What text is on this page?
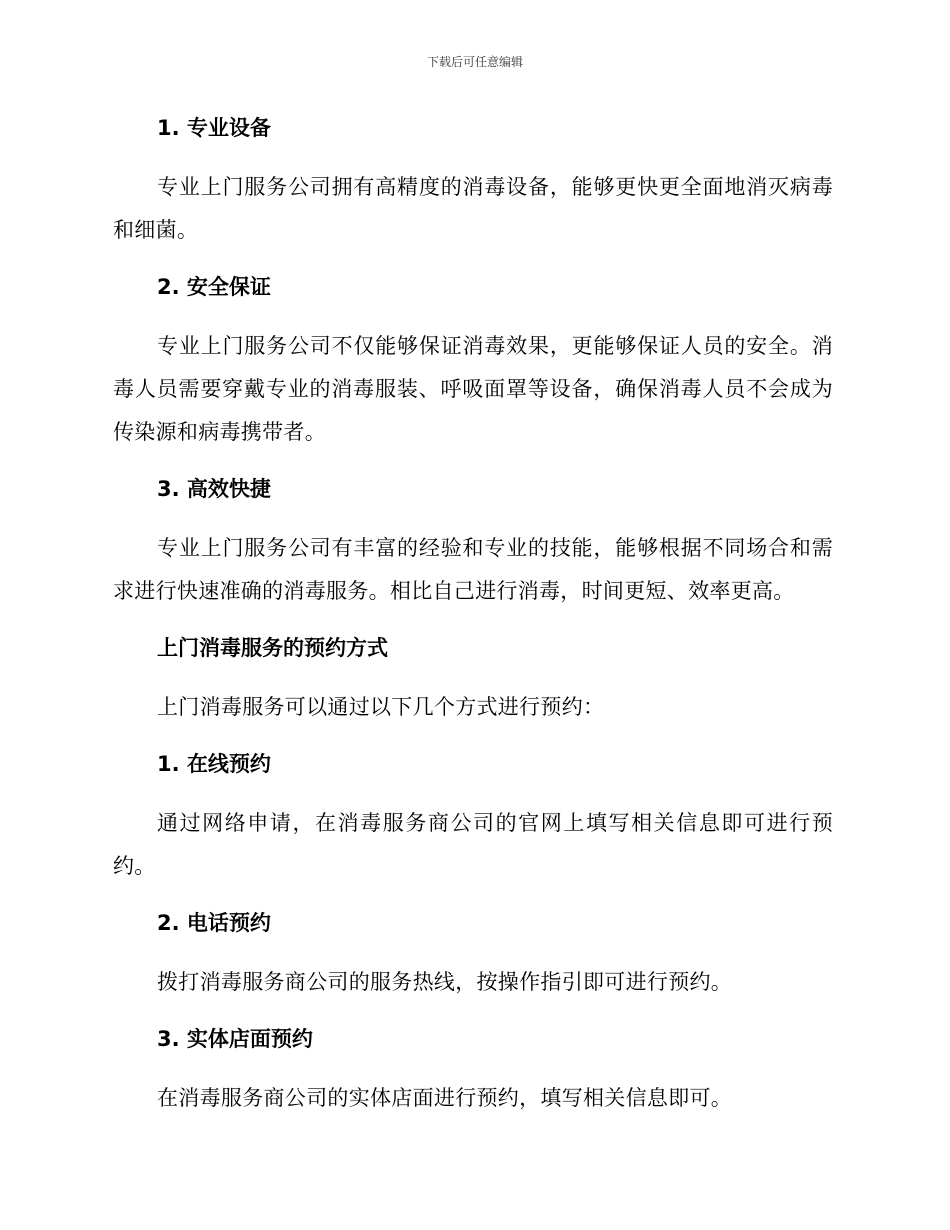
下载后可任意编辑
1. 专业设备
专业上门服务公司拥有高精度的消毒设备，能够更快更全面地消灭病毒和细菌。
2. 安全保证
专业上门服务公司不仅能够保证消毒效果，更能够保证人员的安全。消毒人员需要穿戴专业的消毒服装、呼吸面罩等设备，确保消毒人员不会成为传染源和病毒携带者。
3. 高效快捷
专业上门服务公司有丰富的经验和专业的技能，能够根据不同场合和需求进行快速准确的消毒服务。相比自己进行消毒，时间更短、效率更高。
上门消毒服务的预约方式
上门消毒服务可以通过以下几个方式进行预约：
1. 在线预约
通过网络申请，在消毒服务商公司的官网上填写相关信息即可进行预约。
2. 电话预约
拨打消毒服务商公司的服务热线，按操作指引即可进行预约。
3. 实体店面预约
在消毒服务商公司的实体店面进行预约，填写相关信息即可。
